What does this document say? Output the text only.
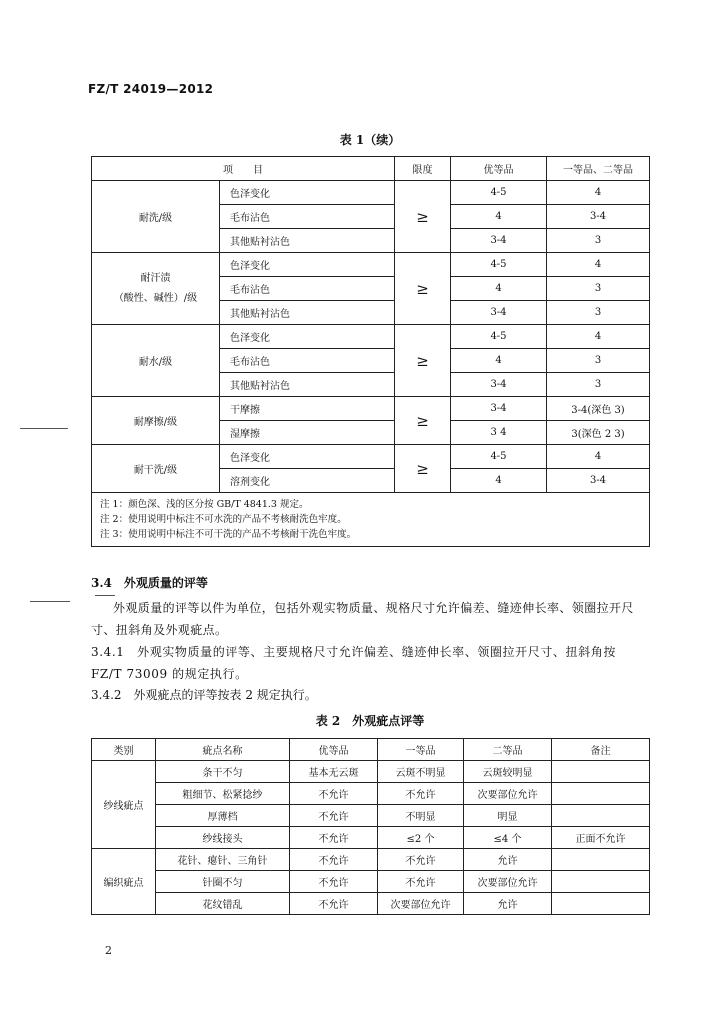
FZ/T 24019—2012
表 1（续）
项　　目		限度	优等品	一等品、二等品
耐洗/级	色泽变化	≥	4-5	4
	毛布沾色		4	3-4
	其他贴衬沾色		3-4	3

耐汗渍
（酸性、碱性）/级	色泽变化	≥	4-5	4
	毛布沾色		4	3
	其他贴衬沾色		3-4	3
耐水/级	色泽变化	≥	4-5	4
	毛布沾色		4	3
	其他贴衬沾色		3-4	3
耐摩擦/级	干摩擦	≥	3-4	3-4(深色 3)
	湿摩擦		3 4	3(深色 2 3)
耐干洗/级	色泽变化	≥	4-5	4
	溶剂变化		4	3-4

注 1：颜色深、浅的区分按 GB/T 4841.3 规定。
注 2：使用说明中标注不可水洗的产品不考核耐洗色牢度。
注 3：使用说明中标注不可干洗的产品不考核耐干洗色牢度。				
3.4　外观质量的评等
外观质量的评等以件为单位，包括外观实物质量、规格尺寸允许偏差、缝迹伸长率、领圈拉开尺寸、扭斜角及外观疵点。
3.4.1　外观实物质量的评等、主要规格尺寸允许偏差、缝迹伸长率、领圈拉开尺寸、扭斜角按 FZ/T 73009 的规定执行。
3.4.2　外观疵点的评等按表 2 规定执行。
表 2　外观疵点评等
类别	疵点名称	优等品	一等品	二等品	备注
纱线疵点	条干不匀	基本无云斑	云斑不明显	云斑较明显	
	粗细节、松紧捻纱	不允许	不允许	次要部位允许	
	厚薄档	不允许	不明显	明显	
	纱线接头	不允许	≤2 个	≤4 个	正面不允许
编织疵点	花针、瘪针、三角针	不允许	不允许	允许	
	针圈不匀	不允许	不允许	次要部位允许	
	花纹错乱	不允许	次要部位允许	允许	
2
